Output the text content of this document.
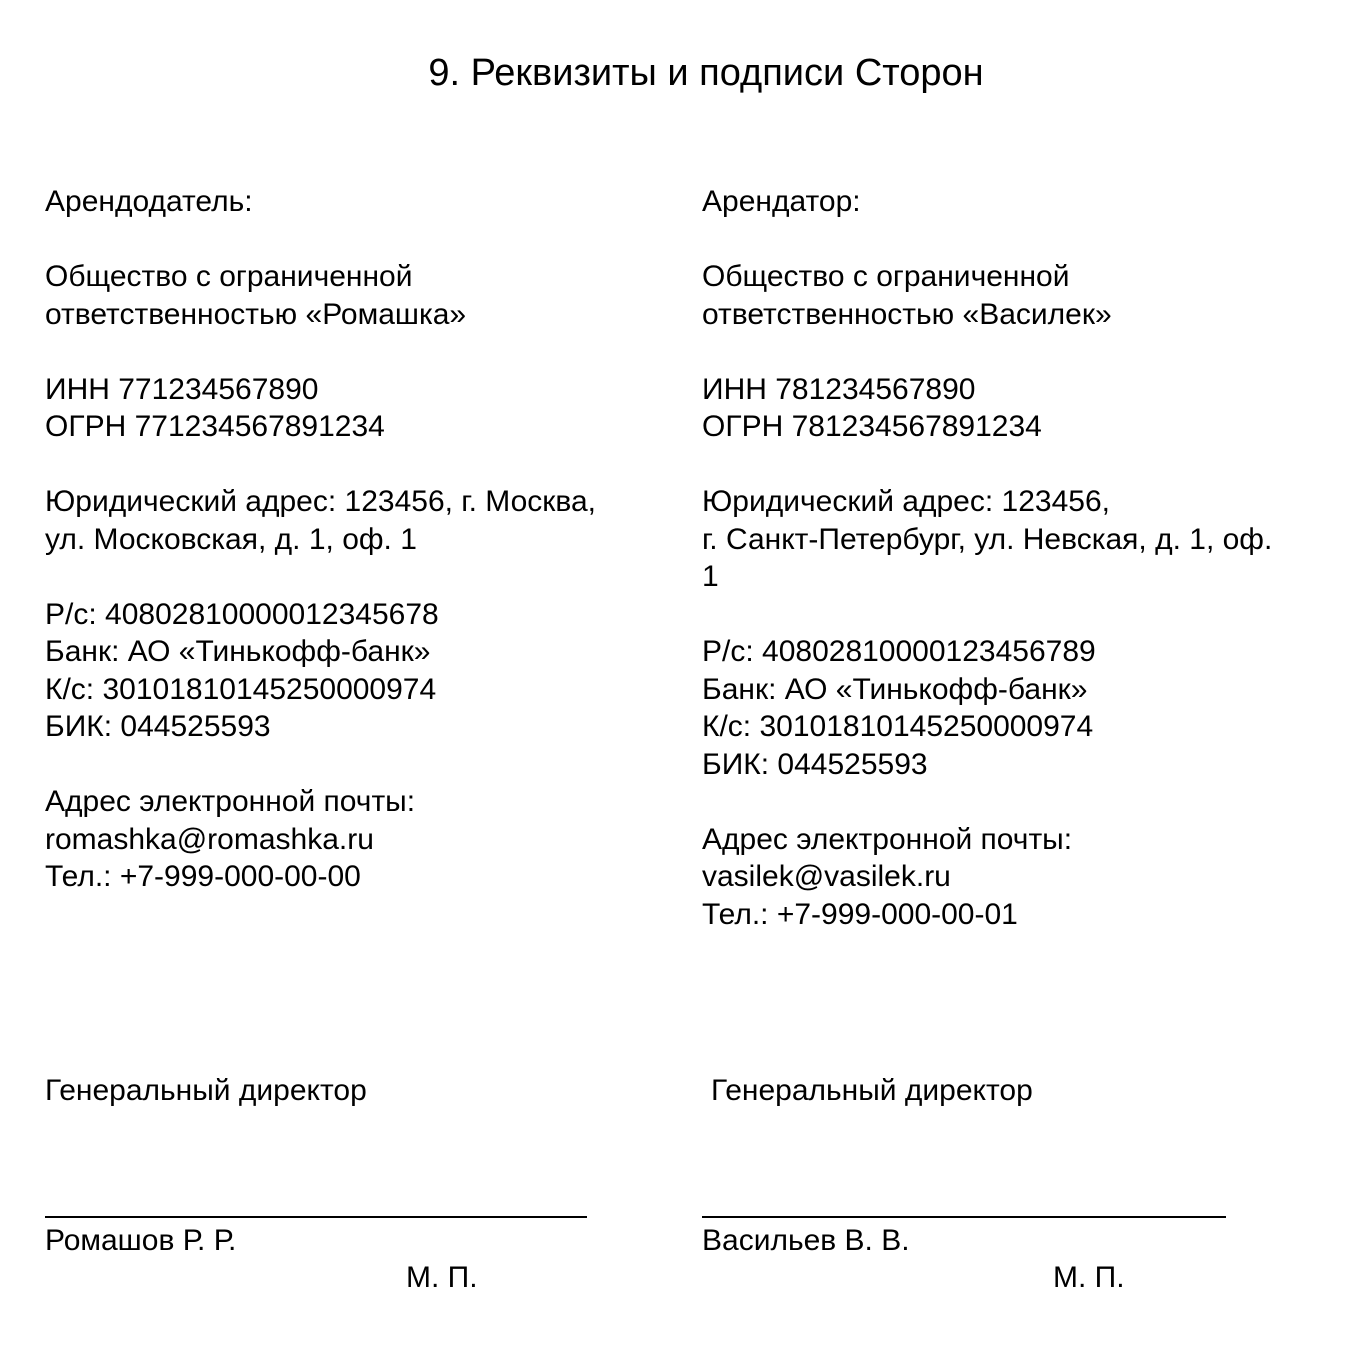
9. Реквизиты и подписи Сторон

Арендодатель:

Общество с ограниченной
ответственностью «Ромашка»

ИНН 771234567890
ОГРН 771234567891234

Юридический адрес: 123456, г. Москва,
ул. Московская, д. 1, оф. 1

Р/с: 40802810000012345678
Банк: АО «Тинькофф-банк»
К/с: 30101810145250000974
БИК: 044525593

Адрес электронной почты:
romashka@romashka.ru
Тел.: +7-999-000-00-00

Арендатор:

Общество с ограниченной
ответственностью «Василек»

ИНН 781234567890
ОГРН 781234567891234

Юридический адрес: 123456,
г. Санкт-Петербург, ул. Невская, д. 1, оф.
1

Р/с: 40802810000123456789
Банк: АО «Тинькофф-банк»
К/с: 30101810145250000974
БИК: 044525593

Адрес электронной почты:
vasilek@vasilek.ru
Тел.: +7-999-000-00-01

Генеральный директор	Генеральный директор
Ромашов Р. Р.	Васильев В. В.
М. П.	М. П.
